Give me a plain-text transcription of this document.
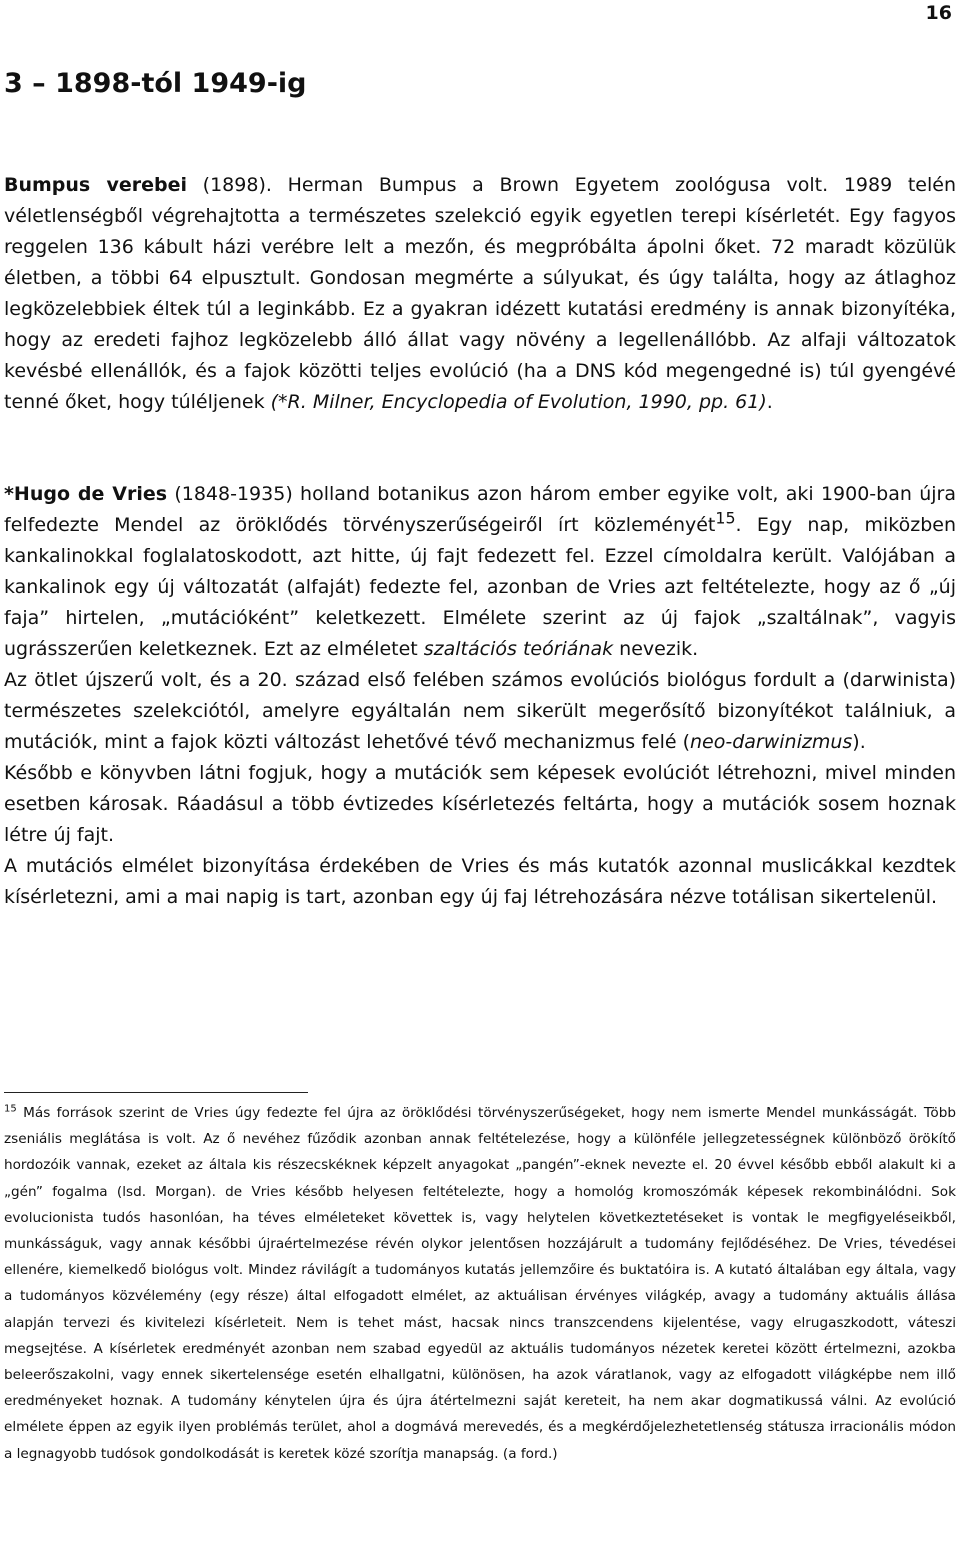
16
3 – 1898-tól 1949-ig

Bumpus verebei (1898). Herman Bumpus a Brown Egyetem zoológusa volt. 1989 telén véletlenségből végrehajtotta a természetes szelekció egyik egyetlen terepi kísérletét. Egy fagyos reggelen 136 kábult házi verébre lelt a mezőn, és megpróbálta ápolni őket. 72 maradt közülük életben, a többi 64 elpusztult. Gondosan megmérte a súlyukat, és úgy találta, hogy az átlaghoz legközelebbiek éltek túl a leginkább. Ez a gyakran idézett kutatási eredmény is annak bizonyítéka, hogy az eredeti fajhoz legközelebb álló állat vagy növény a legellenállóbb. Az alfaji változatok kevésbé ellenállók, és a fajok közötti teljes evolúció (ha a DNS kód megengedné is) túl gyengévé tenné őket, hogy túléljenek (*R. Milner, Encyclopedia of Evolution, 1990, pp. 61).

*Hugo de Vries (1848-1935) holland botanikus azon három ember egyike volt, aki 1900-ban újra felfedezte Mendel az öröklődés törvényszerűségeiről írt közleményét$^{15}$. Egy nap, miközben kankalinokkal foglalatoskodott, azt hitte, új fajt fedezett fel. Ezzel címoldalra került. Valójában a kankalinok egy új változatát (alfaját) fedezte fel, azonban de Vries azt feltételezte, hogy az ő „új faja” hirtelen, „mutációként” keletkezett. Elmélete szerint az új fajok „szaltálnak”, vagyis ugrásszerűen keletkeznek. Ezt az elméletet szaltációs teóriának nevezik.

Az ötlet újszerű volt, és a 20. század első felében számos evolúciós biológus fordult a (darwinista) természetes szelekciótól, amelyre egyáltalán nem sikerült megerősítő bizonyítékot találniuk, a mutációk, mint a fajok közti változást lehetővé tévő mechanizmus felé (neo-darwinizmus).

Később e könyvben látni fogjuk, hogy a mutációk sem képesek evolúciót létrehozni, mivel minden esetben károsak. Ráadásul a több évtizedes kísérletezés feltárta, hogy a mutációk sosem hoznak létre új fajt.

A mutációs elmélet bizonyítása érdekében de Vries és más kutatók azonnal muslicákkal kezdtek kísérletezni, ami a mai napig is tart, azonban egy új faj létrehozására nézve totálisan sikertelenül.

$^{15}$ Más források szerint de Vries úgy fedezte fel újra az öröklődési törvényszerűségeket, hogy nem ismerte Mendel munkásságát. Több zseniális meglátása is volt. Az ő nevéhez fűződik azonban annak feltételezése, hogy a különféle jellegzetességnek különböző örökítő hordozóik vannak, ezeket az általa kis részecskéknek képzelt anyagokat „pangén”-eknek nevezte el. 20 évvel később ebből alakult ki a „gén” fogalma (lsd. Morgan). de Vries később helyesen feltételezte, hogy a homológ kromoszómák képesek rekombinálódni. Sok evolucionista tudós hasonlóan, ha téves elméleteket követtek is, vagy helytelen következtetéseket is vontak le megfigyeléseikből, munkásságuk, vagy annak későbbi újraértelmezése révén olykor jelentősen hozzájárult a tudomány fejlődéséhez. De Vries, tévedései ellenére, kiemelkedő biológus volt. Mindez rávilágít a tudományos kutatás jellemzőire és buktatóira is. A kutató általában egy általa, vagy a tudományos közvélemény (egy része) által elfogadott elmélet, az aktuálisan érvényes világkép, avagy a tudomány aktuális állása alapján tervezi és kivitelezi kísérleteit. Nem is tehet mást, hacsak nincs transzcendens kijelentése, vagy elrugaszkodott, váteszi megsejtése. A kísérletek eredményét azonban nem szabad egyedül az aktuális tudományos nézetek keretei között értelmezni, azokba beleerőszakolni, vagy ennek sikertelensége esetén elhallgatni, különösen, ha azok váratlanok, vagy az elfogadott világképbe nem illő eredményeket hoznak. A tudomány kénytelen újra és újra átértelmezni saját kereteit, ha nem akar dogmatikussá válni. Az evolúció elmélete éppen az egyik ilyen problémás terület, ahol a dogmává merevedés, és a megkérdőjelezhetetlenség státusza irracionális módon a legnagyobb tudósok gondolkodását is keretek közé szorítja manapság. (a ford.)
